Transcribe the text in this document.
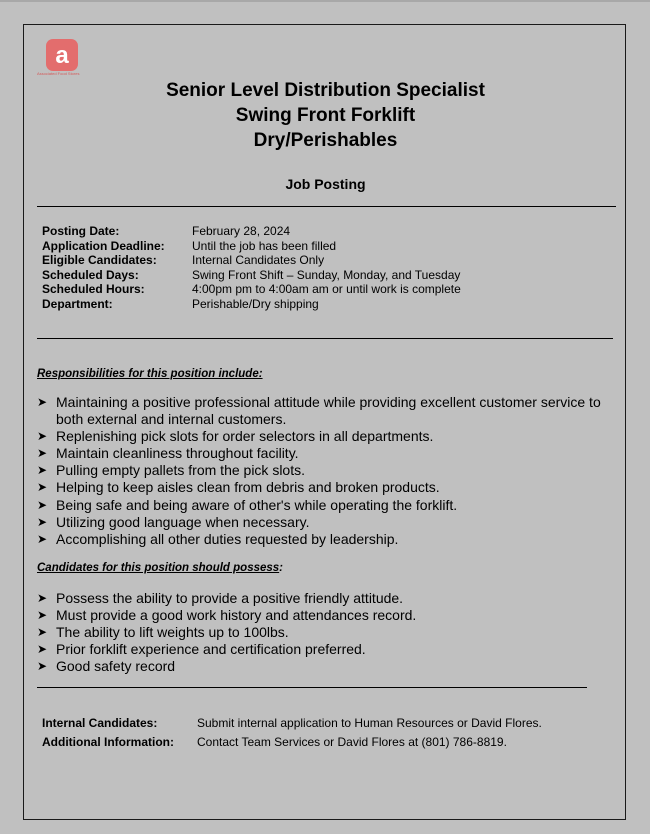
a
Associated Food Stores
Senior Level Distribution Specialist
Swing Front Forklift
Dry/Perishables
Job Posting
Posting Date:	February 28, 2024
Application Deadline:	Until the job has been filled
Eligible Candidates:	Internal Candidates Only
Scheduled Days:	Swing Front Shift – Sunday, Monday, and Tuesday
Scheduled Hours:	4:00pm pm to 4:00am am or until work is complete
Department:	Perishable/Dry shipping
Responsibilities for this position include:
➤ Maintaining a positive professional attitude while providing excellent customer service to both external and internal customers.
➤ Replenishing pick slots for order selectors in all departments.
➤ Maintain cleanliness throughout facility.
➤ Pulling empty pallets from the pick slots.
➤ Helping to keep aisles clean from debris and broken products.
➤ Being safe and being aware of other's while operating the forklift.
➤ Utilizing good language when necessary.
➤ Accomplishing all other duties requested by leadership.
Candidates for this position should possess:
➤ Possess the ability to provide a positive friendly attitude.
➤ Must provide a good work history and attendances record.
➤ The ability to lift weights up to 100lbs.
➤ Prior forklift experience and certification preferred.
➤ Good safety record
Internal Candidates:	Submit internal application to Human Resources or David Flores.
Additional Information:	Contact Team Services or David Flores at (801) 786-8819.
